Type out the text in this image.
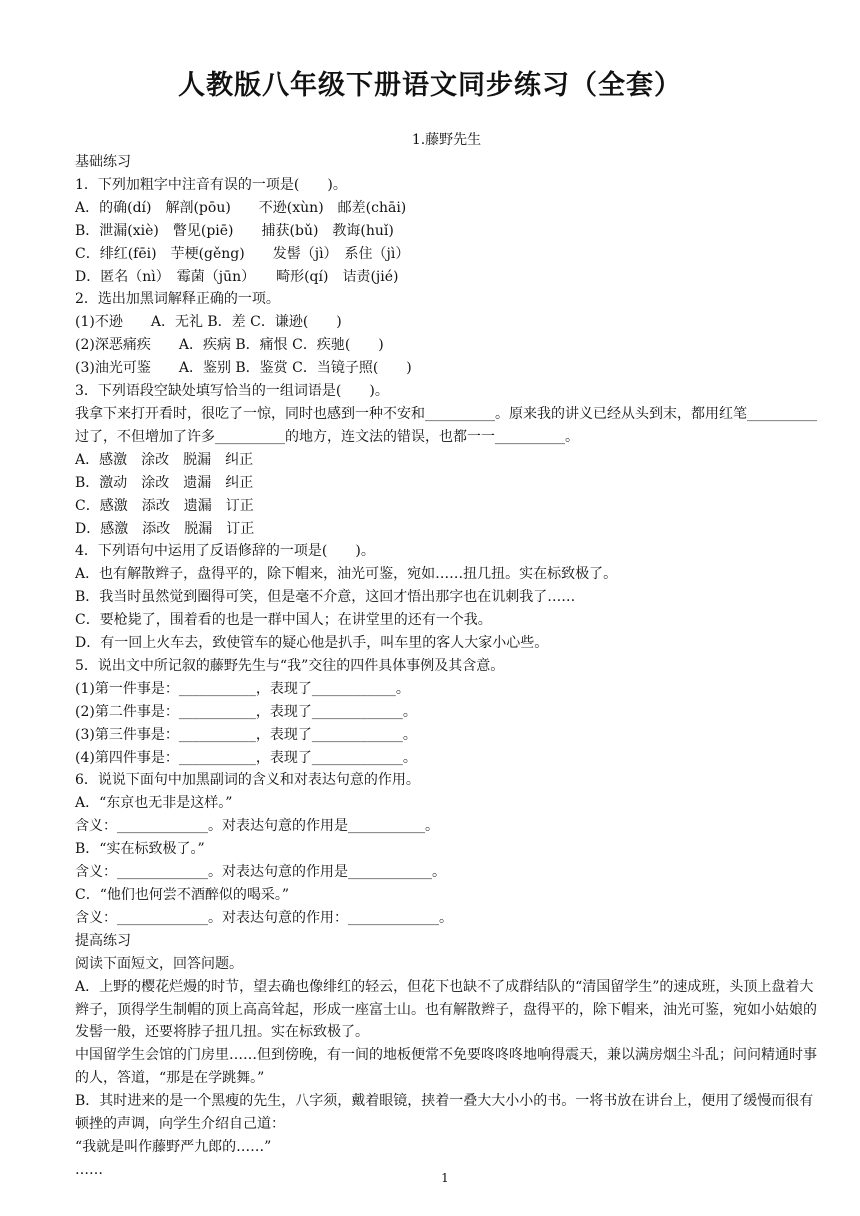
人教版八年级下册语文同步练习（全套）
1.藤野先生
基础练习
1．下列加粗字中注音有误的一项是(　　)。
A．的确(dí)　解剖(pōu)　　不逊(xùn)　邮差(chāi)
B．泄漏(xiè)　瞥见(piē)　　捕获(bǔ)　教诲(huǐ)
C．绯红(fēi)　芋梗(gěng)　　发髻（jì）　系住（jì）
D．匿名（nì）　霉菌（jūn）　　畸形(qí)　诘责(jié)
2．选出加黑词解释正确的一项。
(1)不逊　　A．无礼 B．差 C．谦逊(　　)
(2)深恶痛疾　　A．疾病 B．痛恨 C．疾驰(　　)
(3)油光可鉴　　A．鉴别 B．鉴赏 C．当镜子照(　　)
3．下列语段空缺处填写恰当的一组词语是(　　)。
我拿下来打开看时，很吃了一惊，同时也感到一种不安和__________。原来我的讲义已经从头到末，都用红笔__________过了，不但增加了许多__________的地方，连文法的错误，也都一一__________。
A．感激　涂改　脱漏　纠正
B．激动　涂改　遗漏　纠正
C．感激　添改　遗漏　订正
D．感激　添改　脱漏　订正
4．下列语句中运用了反语修辞的一项是(　　)。
A．也有解散辫子，盘得平的，除下帽来，油光可鉴，宛如……扭几扭。实在标致极了。
B．我当时虽然觉到圈得可笑，但是毫不介意，这回才悟出那字也在讥刺我了……
C．要枪毙了，围着看的也是一群中国人；在讲堂里的还有一个我。
D．有一回上火车去，致使管车的疑心他是扒手，叫车里的客人大家小心些。
5．说出文中所记叙的藤野先生与“我”交往的四件具体事例及其含意。
(1)第一件事是：___________，表现了____________。
(2)第二件事是：___________，表现了_____________。
(3)第三件事是：___________，表现了_____________。
(4)第四件事是：___________，表现了_____________。
6．说说下面句中加黑副词的含义和对表达句意的作用。
A．“东京也无非是这样。”
含义：_____________。对表达句意的作用是___________。
B．“实在标致极了。”
含义：_____________。对表达句意的作用是____________。
C．“他们也何尝不酒醉似的喝采。”
含义：_____________。对表达句意的作用：_____________。
提高练习
阅读下面短文，回答问题。
A．上野的樱花烂熳的时节，望去确也像绯红的轻云，但花下也缺不了成群结队的“清国留学生”的速成班，头顶上盘着大辫子，顶得学生制帽的顶上高高耸起，形成一座富士山。也有解散辫子，盘得平的，除下帽来，油光可鉴，宛如小姑娘的发髻一般，还要将脖子扭几扭。实在标致极了。
中国留学生会馆的门房里……但到傍晚，有一间的地板便常不免要咚咚咚地响得震天，兼以满房烟尘斗乱；问问精通时事的人，答道，“那是在学跳舞。”
B．其时进来的是一个黑瘦的先生，八字须，戴着眼镜，挟着一叠大大小小的书。一将书放在讲台上，便用了缓慢而很有顿挫的声调，向学生介绍自己道：
“我就是叫作藤野严九郎的……”
……
1
